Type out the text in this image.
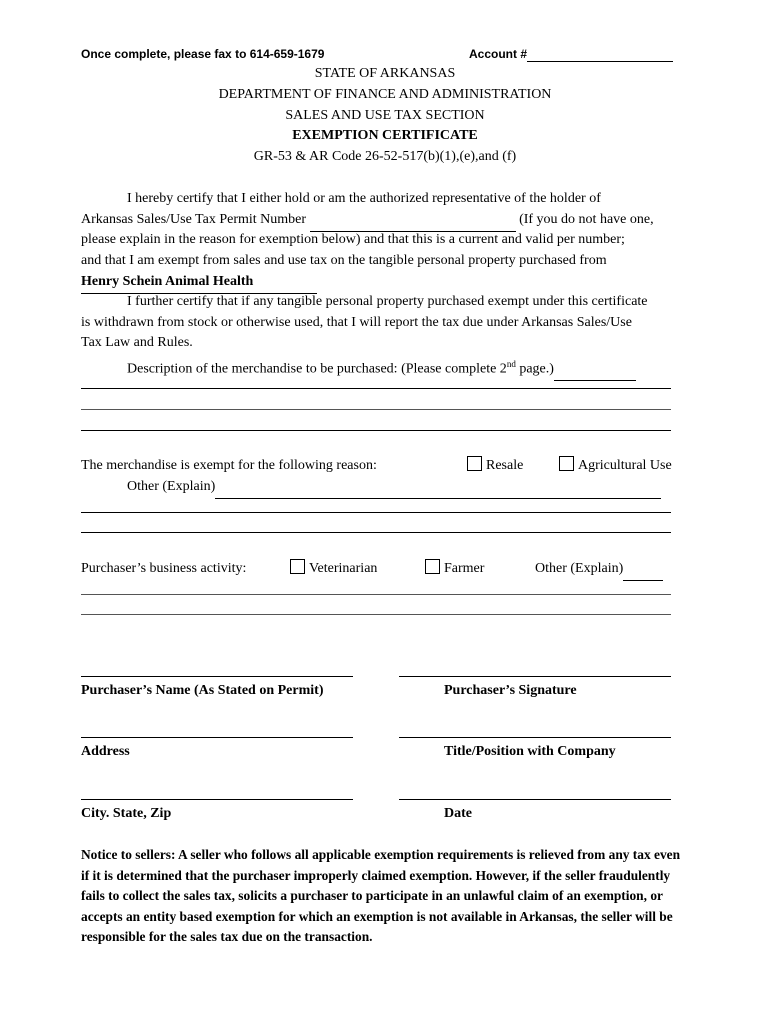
Once complete, please fax to 614-659-1679	Account #
STATE OF ARKANSAS
DEPARTMENT OF FINANCE AND ADMINISTRATION
SALES AND USE TAX SECTION
EXEMPTION CERTIFICATE
GR-53 & AR Code 26-52-517(b)(1),(e),and (f)
I hereby certify that I either hold or am the authorized representative of the holder of
Arkansas Sales/Use Tax Permit Number	(If you do not have one,
please explain in the reason for exemption below) and that this is a current and valid per number;
and that I am exempt from sales and use tax on the tangible personal property purchased from
Henry Schein Animal Health
I further certify that if any tangible personal property purchased exempt under this certificate
is withdrawn from stock or otherwise used, that I will report the tax due under Arkansas Sales/Use
Tax Law and Rules.
Description of the merchandise to be purchased: (Please complete 2nd page.)
The merchandise is exempt for the following reason:	Resale	Agricultural Use
Other (Explain)
Purchaser’s business activity:	Veterinarian	Farmer	Other (Explain)
Purchaser’s Name (As Stated on Permit)	Purchaser’s Signature
Address	Title/Position with Company
City. State, Zip	Date
Notice to sellers: A seller who follows all applicable exemption requirements is relieved from any tax even if it is determined that the purchaser improperly claimed exemption. However, if the seller fraudulently fails to collect the sales tax, solicits a purchaser to participate in an unlawful claim of an exemption, or accepts an entity based exemption for which an exemption is not available in Arkansas, the seller will be responsible for the sales tax due on the transaction.
